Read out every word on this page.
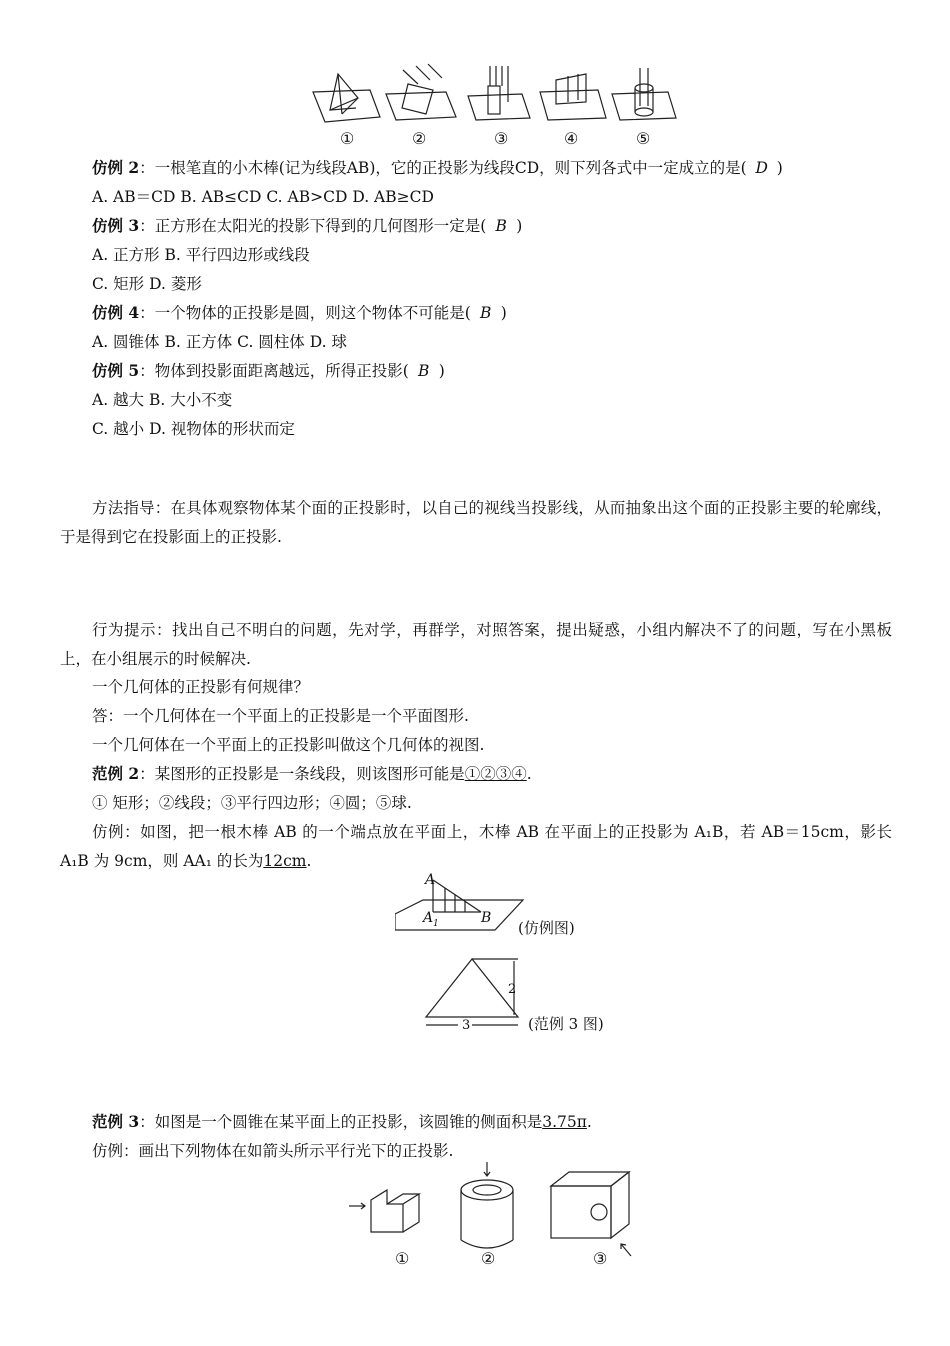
①	②	③	④	⑤
仿例 2：一根笔直的小木棒(记为线段AB)，它的正投影为线段CD，则下列各式中一定成立的是( D )
A. AB＝CD B. AB≤CD C. AB>CD D. AB≥CD
仿例 3：正方形在太阳光的投影下得到的几何图形一定是( B )
A. 正方形 B. 平行四边形或线段
C. 矩形 D. 菱形
仿例 4：一个物体的正投影是圆，则这个物体不可能是( B )
A. 圆锥体 B. 正方体 C. 圆柱体 D. 球
仿例 5：物体到投影面距离越远，所得正投影( B )
A. 越大 B. 大小不变
C. 越小 D. 视物体的形状而定
方法指导：在具体观察物体某个面的正投影时，以自己的视线当投影线，从而抽象出这个面的正投影主要的轮廓线，于是得到它在投影面上的正投影.
行为提示：找出自己不明白的问题，先对学，再群学，对照答案，提出疑惑，小组内解决不了的问题，写在小黑板上，在小组展示的时候解决.
一个几何体的正投影有何规律？
答：一个几何体在一个平面上的正投影是一个平面图形.
一个几何体在一个平面上的正投影叫做这个几何体的视图.
范例 2：某图形的正投影是一条线段，则该图形可能是①②③④.
① 矩形；②线段；③平行四边形；④圆；⑤球.
仿例：如图，把一根木棒 AB 的一个端点放在平面上，木棒 AB 在平面上的正投影为 A₁B，若 AB＝15cm，影长 A₁B 为 9cm，则 AA₁ 的长为12cm.
A
A 1	B
(仿例图)
2
3	(范例 3 图)
范例 3：如图是一个圆锥在某平面上的正投影，该圆锥的侧面积是3.75π.
仿例：画出下列物体在如箭头所示平行光下的正投影.
①	②	③
